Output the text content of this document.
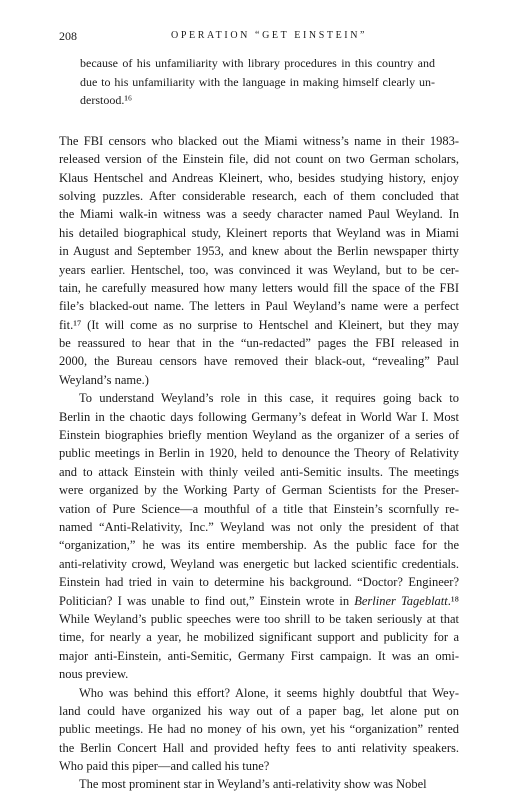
208	OPERATION “GET EINSTEIN”
because of his unfamiliarity with library procedures in this country and
due to his unfamiliarity with the language in making himself clearly un-
derstood.¹⁶
The FBI censors who blacked out the Miami witness’s name in their 1983-
released version of the Einstein file, did not count on two German scholars,
Klaus Hentschel and Andreas Kleinert, who, besides studying history, enjoy
solving puzzles. After considerable research, each of them concluded that
the Miami walk-in witness was a seedy character named Paul Weyland. In
his detailed biographical study, Kleinert reports that Weyland was in Miami
in August and September 1953, and knew about the Berlin newspaper thirty
years earlier. Hentschel, too, was convinced it was Weyland, but to be cer-
tain, he carefully measured how many letters would fill the space of the FBI
file’s blacked-out name. The letters in Paul Weyland’s name were a perfect
fit.¹⁷ (It will come as no surprise to Hentschel and Kleinert, but they may
be reassured to hear that in the “un-redacted” pages the FBI released in
2000, the Bureau censors have removed their black-out, “revealing” Paul
Weyland’s name.)
To understand Weyland’s role in this case, it requires going back to
Berlin in the chaotic days following Germany’s defeat in World War I. Most
Einstein biographies briefly mention Weyland as the organizer of a series of
public meetings in Berlin in 1920, held to denounce the Theory of Relativity
and to attack Einstein with thinly veiled anti-Semitic insults. The meetings
were organized by the Working Party of German Scientists for the Preser-
vation of Pure Science—a mouthful of a title that Einstein’s scornfully re-
named “Anti-Relativity, Inc.” Weyland was not only the president of that
“organization,” he was its entire membership. As the public face for the
anti-relativity crowd, Weyland was energetic but lacked scientific credentials.
Einstein had tried in vain to determine his background. “Doctor? Engineer?
Politician? I was unable to find out,” Einstein wrote in Berliner Tageblatt.¹⁸
While Weyland’s public speeches were too shrill to be taken seriously at that
time, for nearly a year, he mobilized significant support and publicity for a
major anti-Einstein, anti-Semitic, Germany First campaign. It was an omi-
nous preview.
Who was behind this effort? Alone, it seems highly doubtful that Wey-
land could have organized his way out of a paper bag, let alone put on
public meetings. He had no money of his own, yet his “organization” rented
the Berlin Concert Hall and provided hefty fees to anti relativity speakers.
Who paid this piper—and called his tune?
The most prominent star in Weyland’s anti-relativity show was Nobel
